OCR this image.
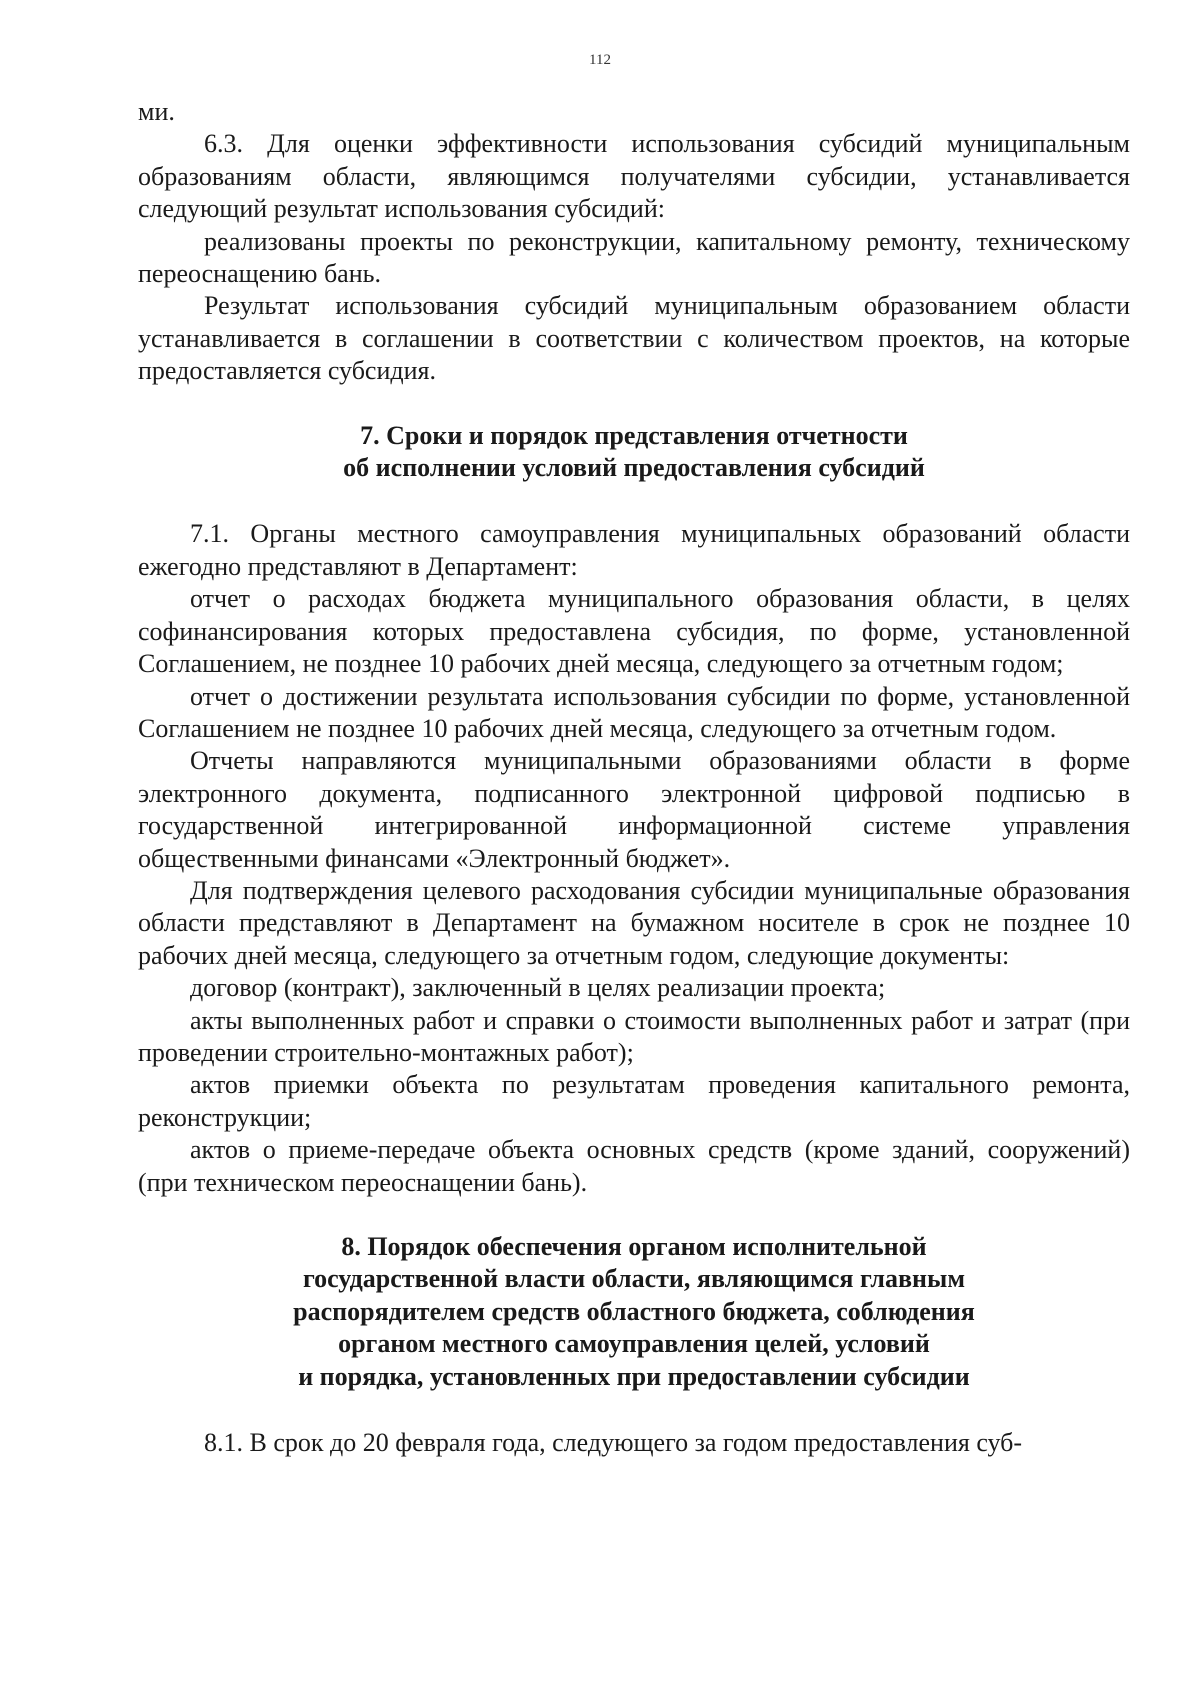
112

ми.

6.3. Для оценки эффективности использования субсидий муниципальным образованиям области, являющимся получателями субсидии, устанавливается следующий результат использования субсидий:

реализованы проекты по реконструкции, капитальному ремонту, техническому переоснащению бань.

Результат использования субсидий муниципальным образованием области устанавливается в соглашении в соответствии с количеством проектов, на которые предоставляется субсидия.

7. Сроки и порядок представления отчетности
об исполнении условий предоставления субсидий

7.1. Органы местного самоуправления муниципальных образований области ежегодно представляют в Департамент:

отчет о расходах бюджета муниципального образования области, в целях софинансирования которых предоставлена субсидия, по форме, установленной Соглашением, не позднее 10 рабочих дней месяца, следующего за отчетным годом;

отчет о достижении результата использования субсидии по форме, установленной Соглашением не позднее 10 рабочих дней месяца, следующего за отчетным годом.

Отчеты направляются муниципальными образованиями области в форме электронного документа, подписанного электронной цифровой подписью в государственной интегрированной информационной системе управления общественными финансами «Электронный бюджет».

Для подтверждения целевого расходования субсидии муниципальные образования области представляют в Департамент на бумажном носителе в срок не позднее 10 рабочих дней месяца, следующего за отчетным годом, следующие документы:

договор (контракт), заключенный в целях реализации проекта;

акты выполненных работ и справки о стоимости выполненных работ и затрат (при проведении строительно-монтажных работ);

актов приемки объекта по результатам проведения капитального ремонта, реконструкции;

актов о приеме-передаче объекта основных средств (кроме зданий, сооружений) (при техническом переоснащении бань).

8. Порядок обеспечения органом исполнительной
государственной власти области, являющимся главным
распорядителем средств областного бюджета, соблюдения
органом местного самоуправления целей, условий
и порядка, установленных при предоставлении субсидии

8.1. В срок до 20 февраля года, следующего за годом предоставления суб-
